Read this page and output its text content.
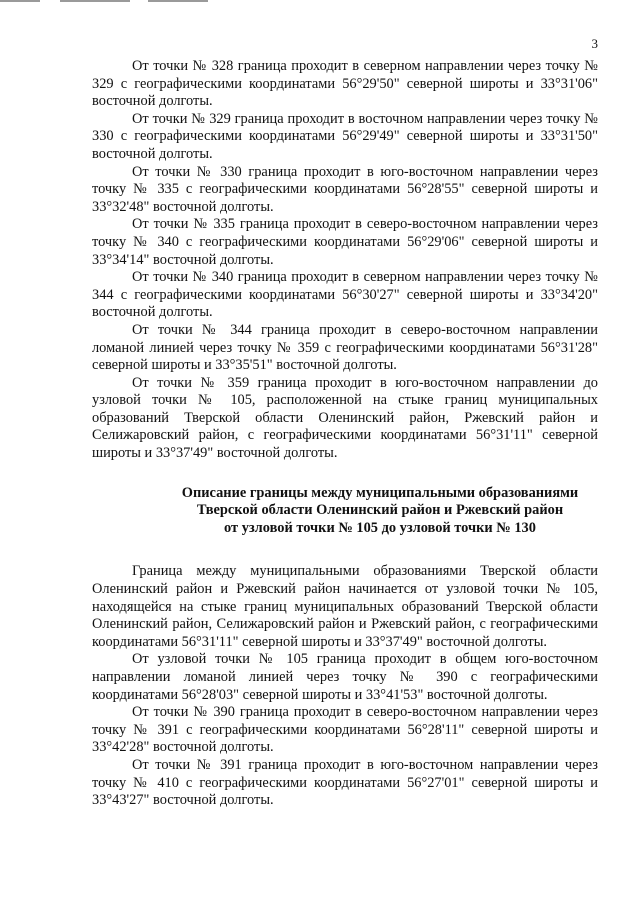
3

От точки № 328 граница проходит в северном направлении через точку № 329 с географическими координатами 56°29'50" северной широты и 33°31'06" восточной долготы.

От точки № 329 граница проходит в восточном направлении через точку № 330 с географическими координатами 56°29'49" северной широты и 33°31'50" восточной долготы.

От точки № 330 граница проходит в юго-восточном направлении через точку № 335 с географическими координатами 56°28'55" северной широты и 33°32'48" восточной долготы.

От точки № 335 граница проходит в северо-восточном направлении через точку № 340 с географическими координатами 56°29'06" северной широты и 33°34'14" восточной долготы.

От точки № 340 граница проходит в северном направлении через точку № 344 с географическими координатами 56°30'27" северной широты и 33°34'20" восточной долготы.

От точки № 344 граница проходит в северо-восточном направлении ломаной линией через точку № 359 с географическими координатами 56°31'28" северной широты и 33°35'51" восточной долготы.

От точки № 359 граница проходит в юго-восточном направлении до узловой точки № 105, расположенной на стыке границ муниципальных образований Тверской области Оленинский район, Ржевский район и Селижаровский район, с географическими координатами 56°31'11" северной широты и 33°37'49" восточной долготы.

Описание границы между муниципальными образованиями
Тверской области Оленинский район и Ржевский район
от узловой точки № 105 до узловой точки № 130

Граница между муниципальными образованиями Тверской области Оленинский район и Ржевский район начинается от узловой точки № 105, находящейся на стыке границ муниципальных образований Тверской области Оленинский район, Селижаровский район и Ржевский район, с географическими координатами 56°31'11" северной широты и 33°37'49" восточной долготы.

От узловой точки № 105 граница проходит в общем юго-восточном направлении ломаной линией через точку № 390 с географическими координатами 56°28'03" северной широты и 33°41'53" восточной долготы.

От точки № 390 граница проходит в северо-восточном направлении через точку № 391 с географическими координатами 56°28'11" северной широты и 33°42'28" восточной долготы.

От точки № 391 граница проходит в юго-восточном направлении через точку № 410 с географическими координатами 56°27'01" северной широты и 33°43'27" восточной долготы.
